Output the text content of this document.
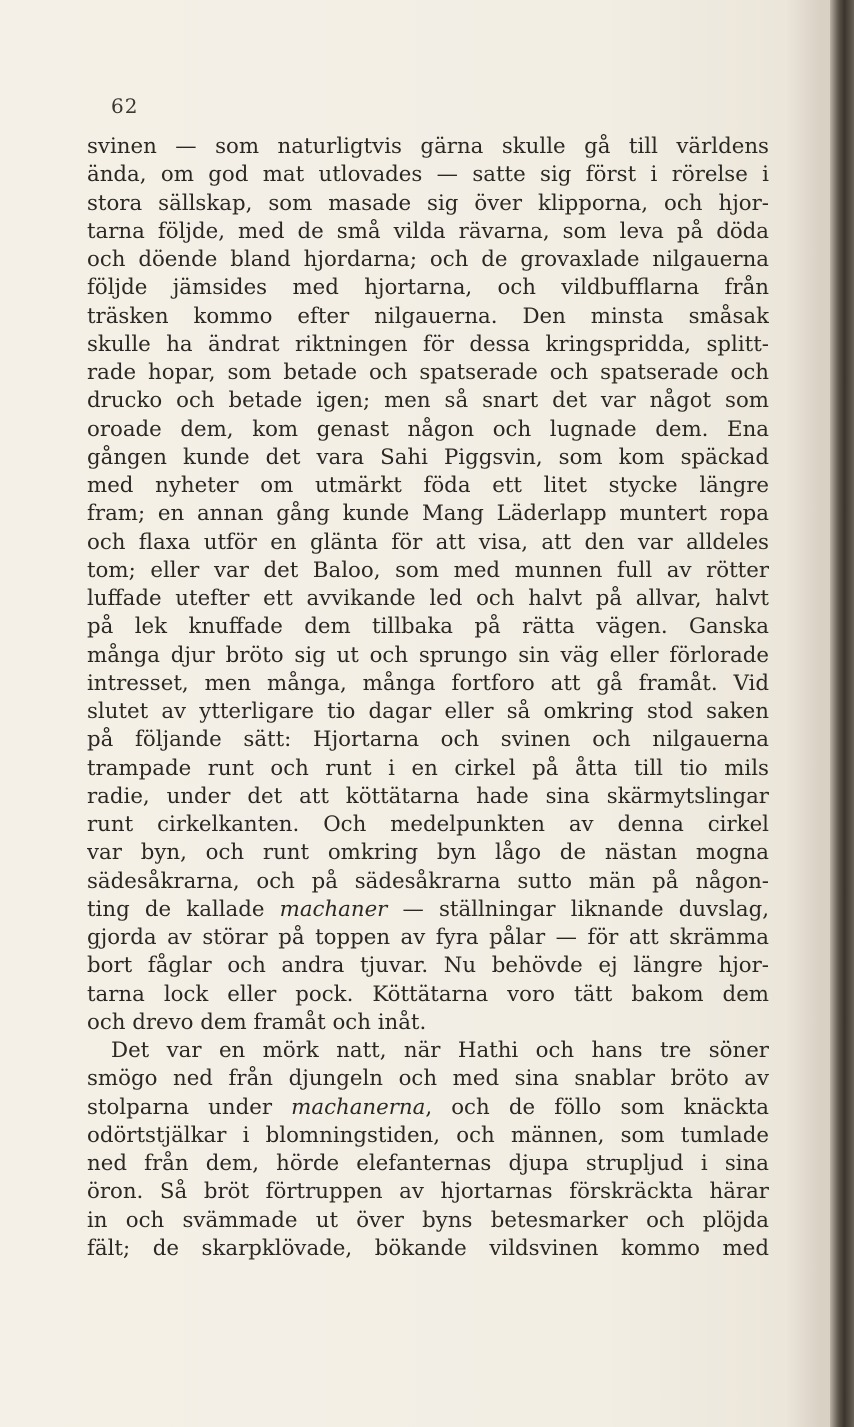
62
svinen — som naturligtvis gärna skulle gå till världens
ända, om god mat utlovades — satte sig först i rörelse i
stora sällskap, som masade sig över klipporna, och hjor-
tarna följde, med de små vilda rävarna, som leva på döda
och döende bland hjordarna; och de grovaxlade nilgauerna
följde jämsides med hjortarna, och vildbufflarna från
träsken kommo efter nilgauerna. Den minsta småsak
skulle ha ändrat riktningen för dessa kringspridda, splitt-
rade hopar, som betade och spatserade och spatserade och
drucko och betade igen; men så snart det var något som
oroade dem, kom genast någon och lugnade dem. Ena
gången kunde det vara Sahi Piggsvin, som kom späckad
med nyheter om utmärkt föda ett litet stycke längre
fram; en annan gång kunde Mang Läderlapp muntert ropa
och flaxa utför en glänta för att visa, att den var alldeles
tom; eller var det Baloo, som med munnen full av rötter
luffade utefter ett avvikande led och halvt på allvar, halvt
på lek knuffade dem tillbaka på rätta vägen. Ganska
många djur bröto sig ut och sprungo sin väg eller förlorade
intresset, men många, många fortforo att gå framåt. Vid
slutet av ytterligare tio dagar eller så omkring stod saken
på följande sätt: Hjortarna och svinen och nilgauerna
trampade runt och runt i en cirkel på åtta till tio mils
radie, under det att köttätarna hade sina skärmytslingar
runt cirkelkanten. Och medelpunkten av denna cirkel
var byn, och runt omkring byn lågo de nästan mogna
sädesåkrarna, och på sädesåkrarna sutto män på någon-
ting de kallade machaner — ställningar liknande duvslag,
gjorda av störar på toppen av fyra pålar — för att skrämma
bort fåglar och andra tjuvar. Nu behövde ej längre hjor-
tarna lock eller pock. Köttätarna voro tätt bakom dem
och drevo dem framåt och inåt.
Det var en mörk natt, när Hathi och hans tre söner
smögo ned från djungeln och med sina snablar bröto av
stolparna under machanerna, och de föllo som knäckta
odörtstjälkar i blomningstiden, och männen, som tumlade
ned från dem, hörde elefanternas djupa strupljud i sina
öron. Så bröt förtruppen av hjortarnas förskräckta härar
in och svämmade ut över byns betesmarker och plöjda
fält; de skarpklövade, bökande vildsvinen kommo med
